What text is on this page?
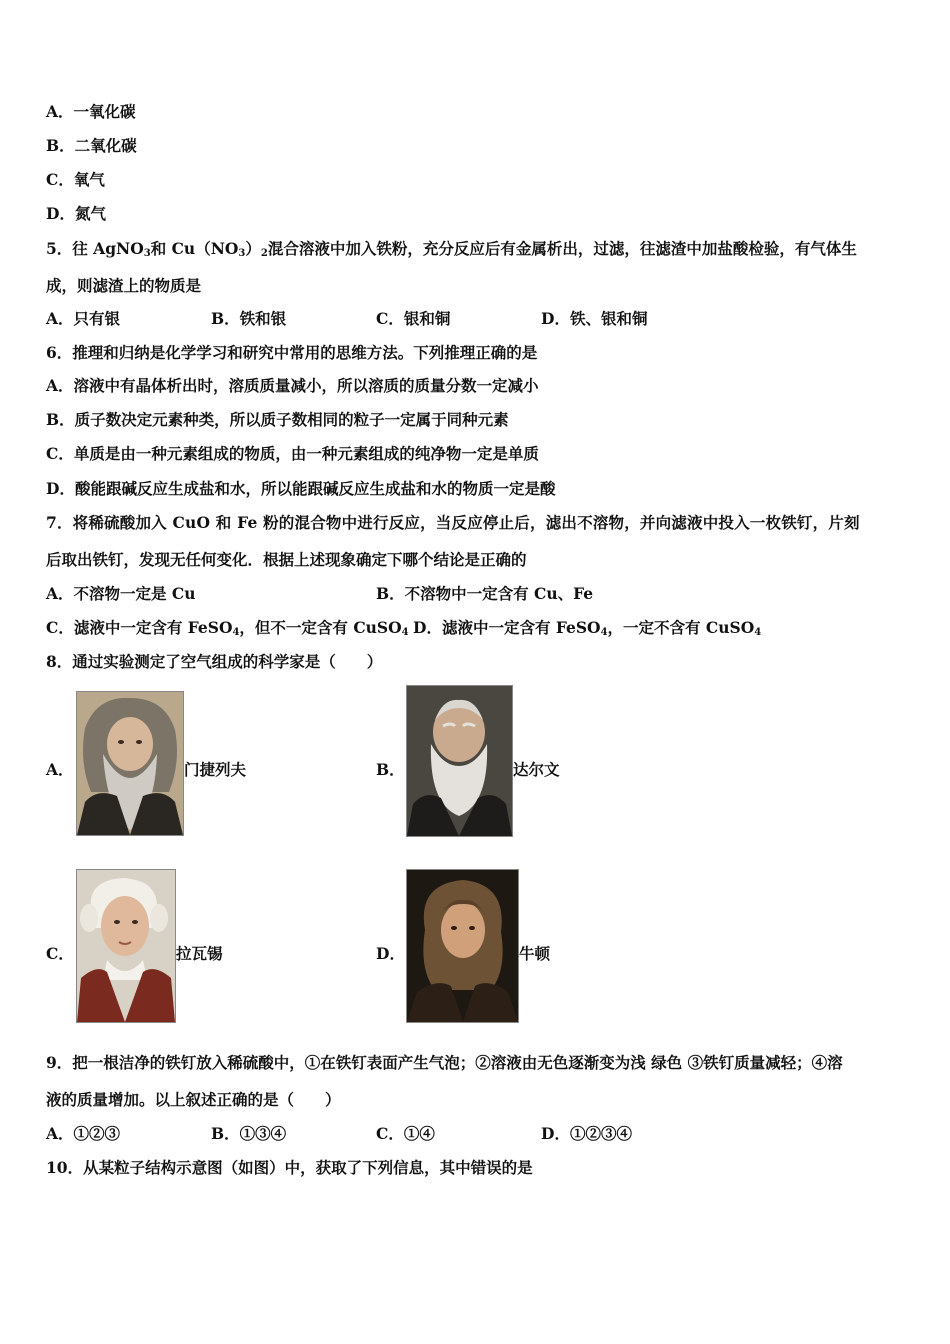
A．一氧化碳
B．二氧化碳
C．氧气
D．氮气
5．往 AgNO$_3$和 $Cu(NO_3)_2$混合溶液中加入铁粉，充分反应后有金属析出，过滤，往滤渣中加盐酸检验，有气体生
成，则滤渣上的物质是
A．只有银	B．铁和银	C．银和铜	D．铁、银和铜
6．推理和归纳是化学学习和研究中常用的思维方法。下列推理正确的是
A．溶液中有晶体析出时，溶质质量减小，所以溶质的质量分数一定减小
B．质子数决定元素种类，所以质子数相同的粒子一定属于同种元素
C．单质是由一种元素组成的物质，由一种元素组成的纯净物一定是单质
D．酸能跟碱反应生成盐和水，所以能跟碱反应生成盐和水的物质一定是酸
7．将稀硫酸加入 CuO 和 Fe 粉的混合物中进行反应，当反应停止后，滤出不溶物，并向滤液中投入一枚铁钉，片刻
后取出铁钉，发现无任何变化．根据上述现象确定下哪个结论是正确的
A．不溶物一定是 Cu	B．不溶物中一定含有 Cu、Fe
C．滤液中一定含有 FeSO$_4$，但不一定含有 CuSO$_4$ D．滤液中一定含有 FeSO$_4$，一定不含有 CuSO$_4$
8．通过实验测定了空气组成的科学家是（　　）
A．	门捷列夫	B．	达尔文
C．	拉瓦锡	D．	牛顿
9．把一根洁净的铁钉放入稀硫酸中，①在铁钉表面产生气泡；②溶液由无色逐渐变为浅 绿色 ③铁钉质量减轻；④溶
液的质量增加。以上叙述正确的是（　　）
A．①②③	B．①③④	C．①④	D．①②③④
10．从某粒子结构示意图（如图）中，获取了下列信息，其中错误的是
